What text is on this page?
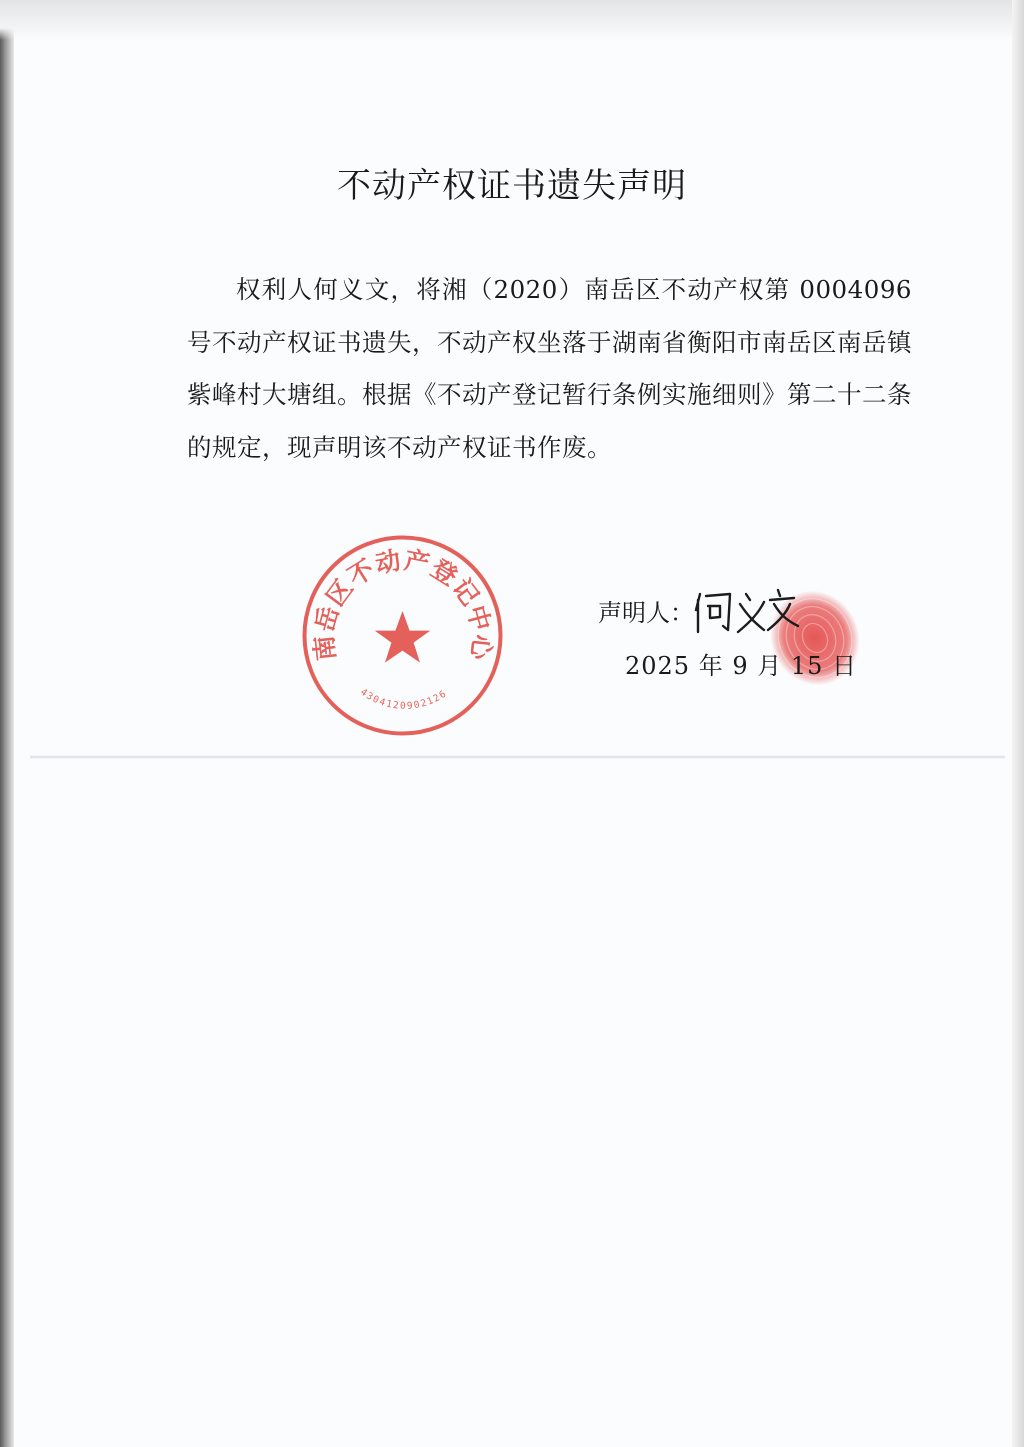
不动产权证书遗失声明

权利人何义文，将湘（2020）南岳区不动产权第 0004096 号不动产权证书遗失，不动产权坐落于湖南省衡阳市南岳区南岳镇紫峰村大塘组。根据《不动产登记暂行条例实施细则》第二十二条的规定，现声明该不动产权证书作废。

南岳区不动产登记中心
4304120902126
声明人：
2025 年 9 月 15 日
